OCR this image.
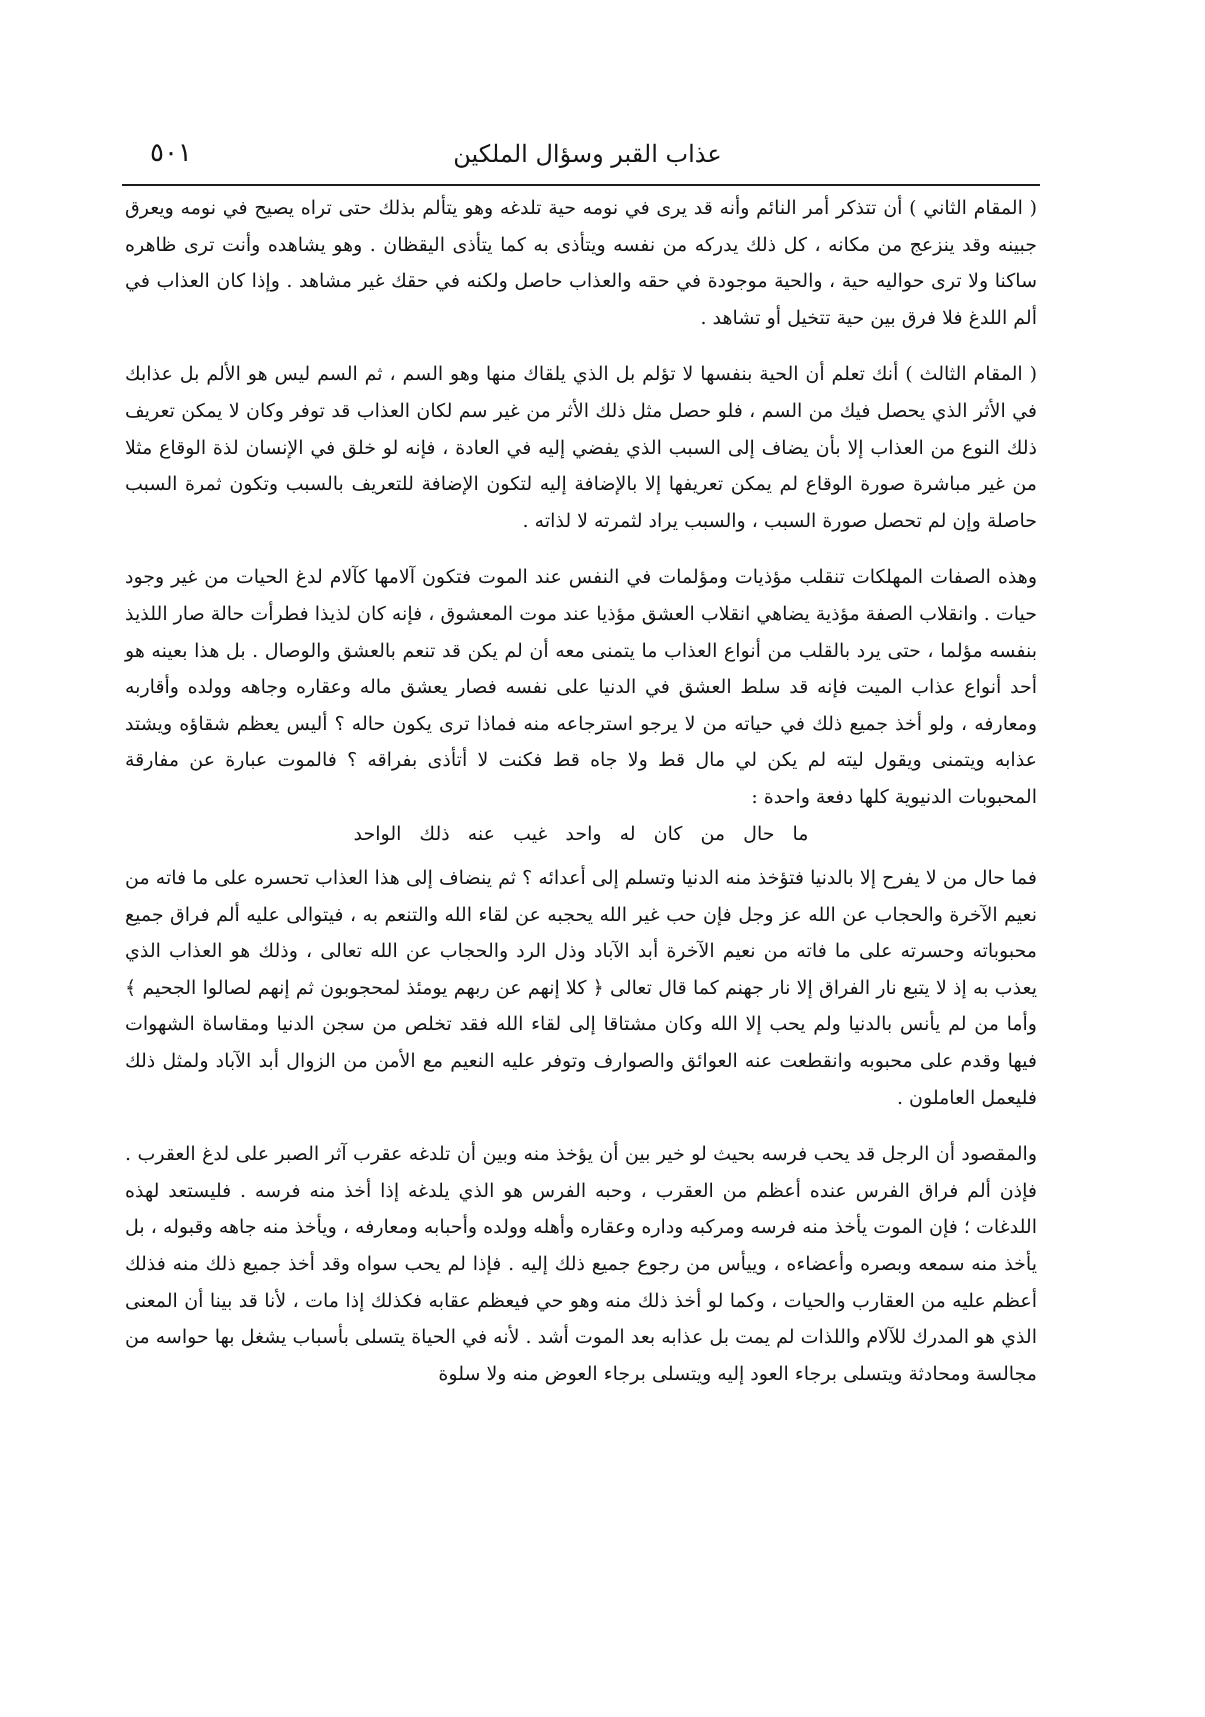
عذاب القبر وسؤال الملكين
٥٠١

( المقام الثاني ) أن تتذكر أمر النائم وأنه قد يرى في نومه حية تلدغه وهو يتألم بذلك حتى تراه يصيح في نومه ويعرق جبينه وقد ينزعج من مكانه ، كل ذلك يدركه من نفسه ويتأذى به كما يتأذى اليقظان . وهو يشاهده وأنت ترى ظاهره ساكنا ولا ترى حواليه حية ، والحية موجودة في حقه والعذاب حاصل ولكنه في حقك غير مشاهد . وإذا كان العذاب في ألم اللدغ فلا فرق بين حية تتخيل أو تشاهد .

( المقام الثالث ) أنك تعلم أن الحية بنفسها لا تؤلم بل الذي يلقاك منها وهو السم ، ثم السم ليس هو الألم بل عذابك في الأثر الذي يحصل فيك من السم ، فلو حصل مثل ذلك الأثر من غير سم لكان العذاب قد توفر وكان لا يمكن تعريف ذلك النوع من العذاب إلا بأن يضاف إلى السبب الذي يفضي إليه في العادة ، فإنه لو خلق في الإنسان لذة الوقاع مثلا من غير مباشرة صورة الوقاع لم يمكن تعريفها إلا بالإضافة إليه لتكون الإضافة للتعريف بالسبب وتكون ثمرة السبب حاصلة وإن لم تحصل صورة السبب ، والسبب يراد لثمرته لا لذاته .

وهذه الصفات المهلكات تنقلب مؤذيات ومؤلمات في النفس عند الموت فتكون آلامها كآلام لدغ الحيات من غير وجود حيات . وانقلاب الصفة مؤذية يضاهي انقلاب العشق مؤذيا عند موت المعشوق ، فإنه كان لذيذا فطرأت حالة صار اللذيذ بنفسه مؤلما ، حتى يرد بالقلب من أنواع العذاب ما يتمنى معه أن لم يكن قد تنعم بالعشق والوصال . بل هذا بعينه هو أحد أنواع عذاب الميت فإنه قد سلط العشق في الدنيا على نفسه فصار يعشق ماله وعقاره وجاهه وولده وأقاربه ومعارفه ، ولو أخذ جميع ذلك في حياته من لا يرجو استرجاعه منه فماذا ترى يكون حاله ؟ أليس يعظم شقاؤه ويشتد عذابه ويتمنى ويقول ليته لم يكن لي مال قط ولا جاه قط فكنت لا أتأذى بفراقه ؟ فالموت عبارة عن مفارقة المحبوبات الدنيوية كلها دفعة واحدة :

ما حال من كان له واحد غيب عنه ذلك الواحد

فما حال من لا يفرح إلا بالدنيا فتؤخذ منه الدنيا وتسلم إلى أعدائه ؟ ثم ينضاف إلى هذا العذاب تحسره على ما فاته من نعيم الآخرة والحجاب عن الله عز وجل فإن حب غير الله يحجبه عن لقاء الله والتنعم به ، فيتوالى عليه ألم فراق جميع محبوباته وحسرته على ما فاته من نعيم الآخرة أبد الآباد وذل الرد والحجاب عن الله تعالى ، وذلك هو العذاب الذي يعذب به إذ لا يتبع نار الفراق إلا نار جهنم كما قال تعالى ﴿ كلا إنهم عن ربهم يومئذ لمحجوبون ثم إنهم لصالوا الجحيم ﴾ وأما من لم يأنس بالدنيا ولم يحب إلا الله وكان مشتاقا إلى لقاء الله فقد تخلص من سجن الدنيا ومقاساة الشهوات فيها وقدم على محبوبه وانقطعت عنه العوائق والصوارف وتوفر عليه النعيم مع الأمن من الزوال أبد الآباد ولمثل ذلك فليعمل العاملون .

والمقصود أن الرجل قد يحب فرسه بحيث لو خير بين أن يؤخذ منه وبين أن تلدغه عقرب آثر الصبر على لدغ العقرب . فإذن ألم فراق الفرس عنده أعظم من العقرب ، وحبه الفرس هو الذي يلدغه إذا أخذ منه فرسه . فليستعد لهذه اللدغات ؛ فإن الموت يأخذ منه فرسه ومركبه وداره وعقاره وأهله وولده وأحبابه ومعارفه ، ويأخذ منه جاهه وقبوله ، بل يأخذ منه سمعه وبصره وأعضاءه ، وييأس من رجوع جميع ذلك إليه . فإذا لم يحب سواه وقد أخذ جميع ذلك منه فذلك أعظم عليه من العقارب والحيات ، وكما لو أخذ ذلك منه وهو حي فيعظم عقابه فكذلك إذا مات ، لأنا قد بينا أن المعنى الذي هو المدرك للآلام واللذات لم يمت بل عذابه بعد الموت أشد . لأنه في الحياة يتسلى بأسباب يشغل بها حواسه من مجالسة ومحادثة ويتسلى برجاء العود إليه ويتسلى برجاء العوض منه ولا سلوة
